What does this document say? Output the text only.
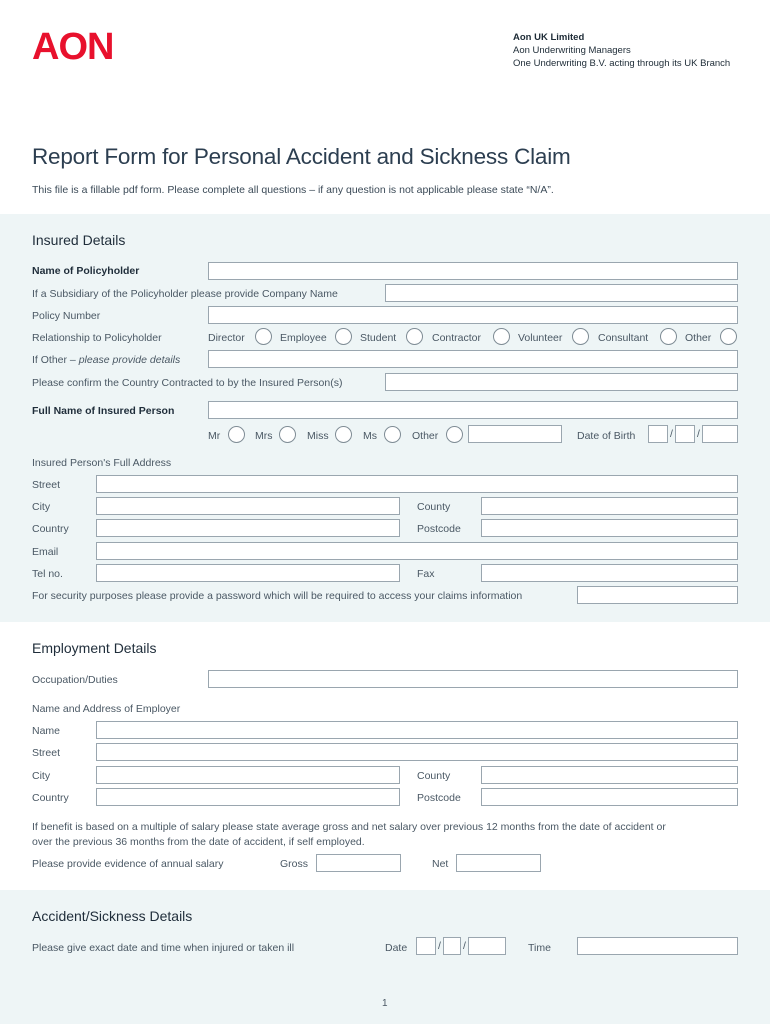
AON	Aon UK Limited
Aon Underwriting Managers
One Underwriting B.V. acting through its UK Branch
Report Form for Personal Accident and Sickness Claim
This file is a fillable pdf form. Please complete all questions – if any question is not applicable please state “N/A”.
Insured Details
Name of Policyholder
If a Subsidiary of the Policyholder please provide Company Name
Policy Number
Relationship to Policyholder	Director	Employee	Student	Contractor	Volunteer	Consultant	Other
If Other – please provide details
Please confirm the Country Contracted to by the Insured Person(s)
Full Name of Insured Person
Mr	Mrs	Miss	Ms	Other	Date of Birth	/ /
Insured Person's Full Address
Street
City	County
Country	Postcode
Email
Tel no.	Fax
For security purposes please provide a password which will be required to access your claims information
Employment Details
Occupation/Duties
Name and Address of Employer
Name
Street
City	County
Country	Postcode
If benefit is based on a multiple of salary please state average gross and net salary over previous 12 months from the date of accident or
over the previous 36 months from the date of accident, if self employed.
Please provide evidence of annual salary	Gross	Net
Accident/Sickness Details
Please give exact date and time when injured or taken ill	Date	/ /	Time
1
